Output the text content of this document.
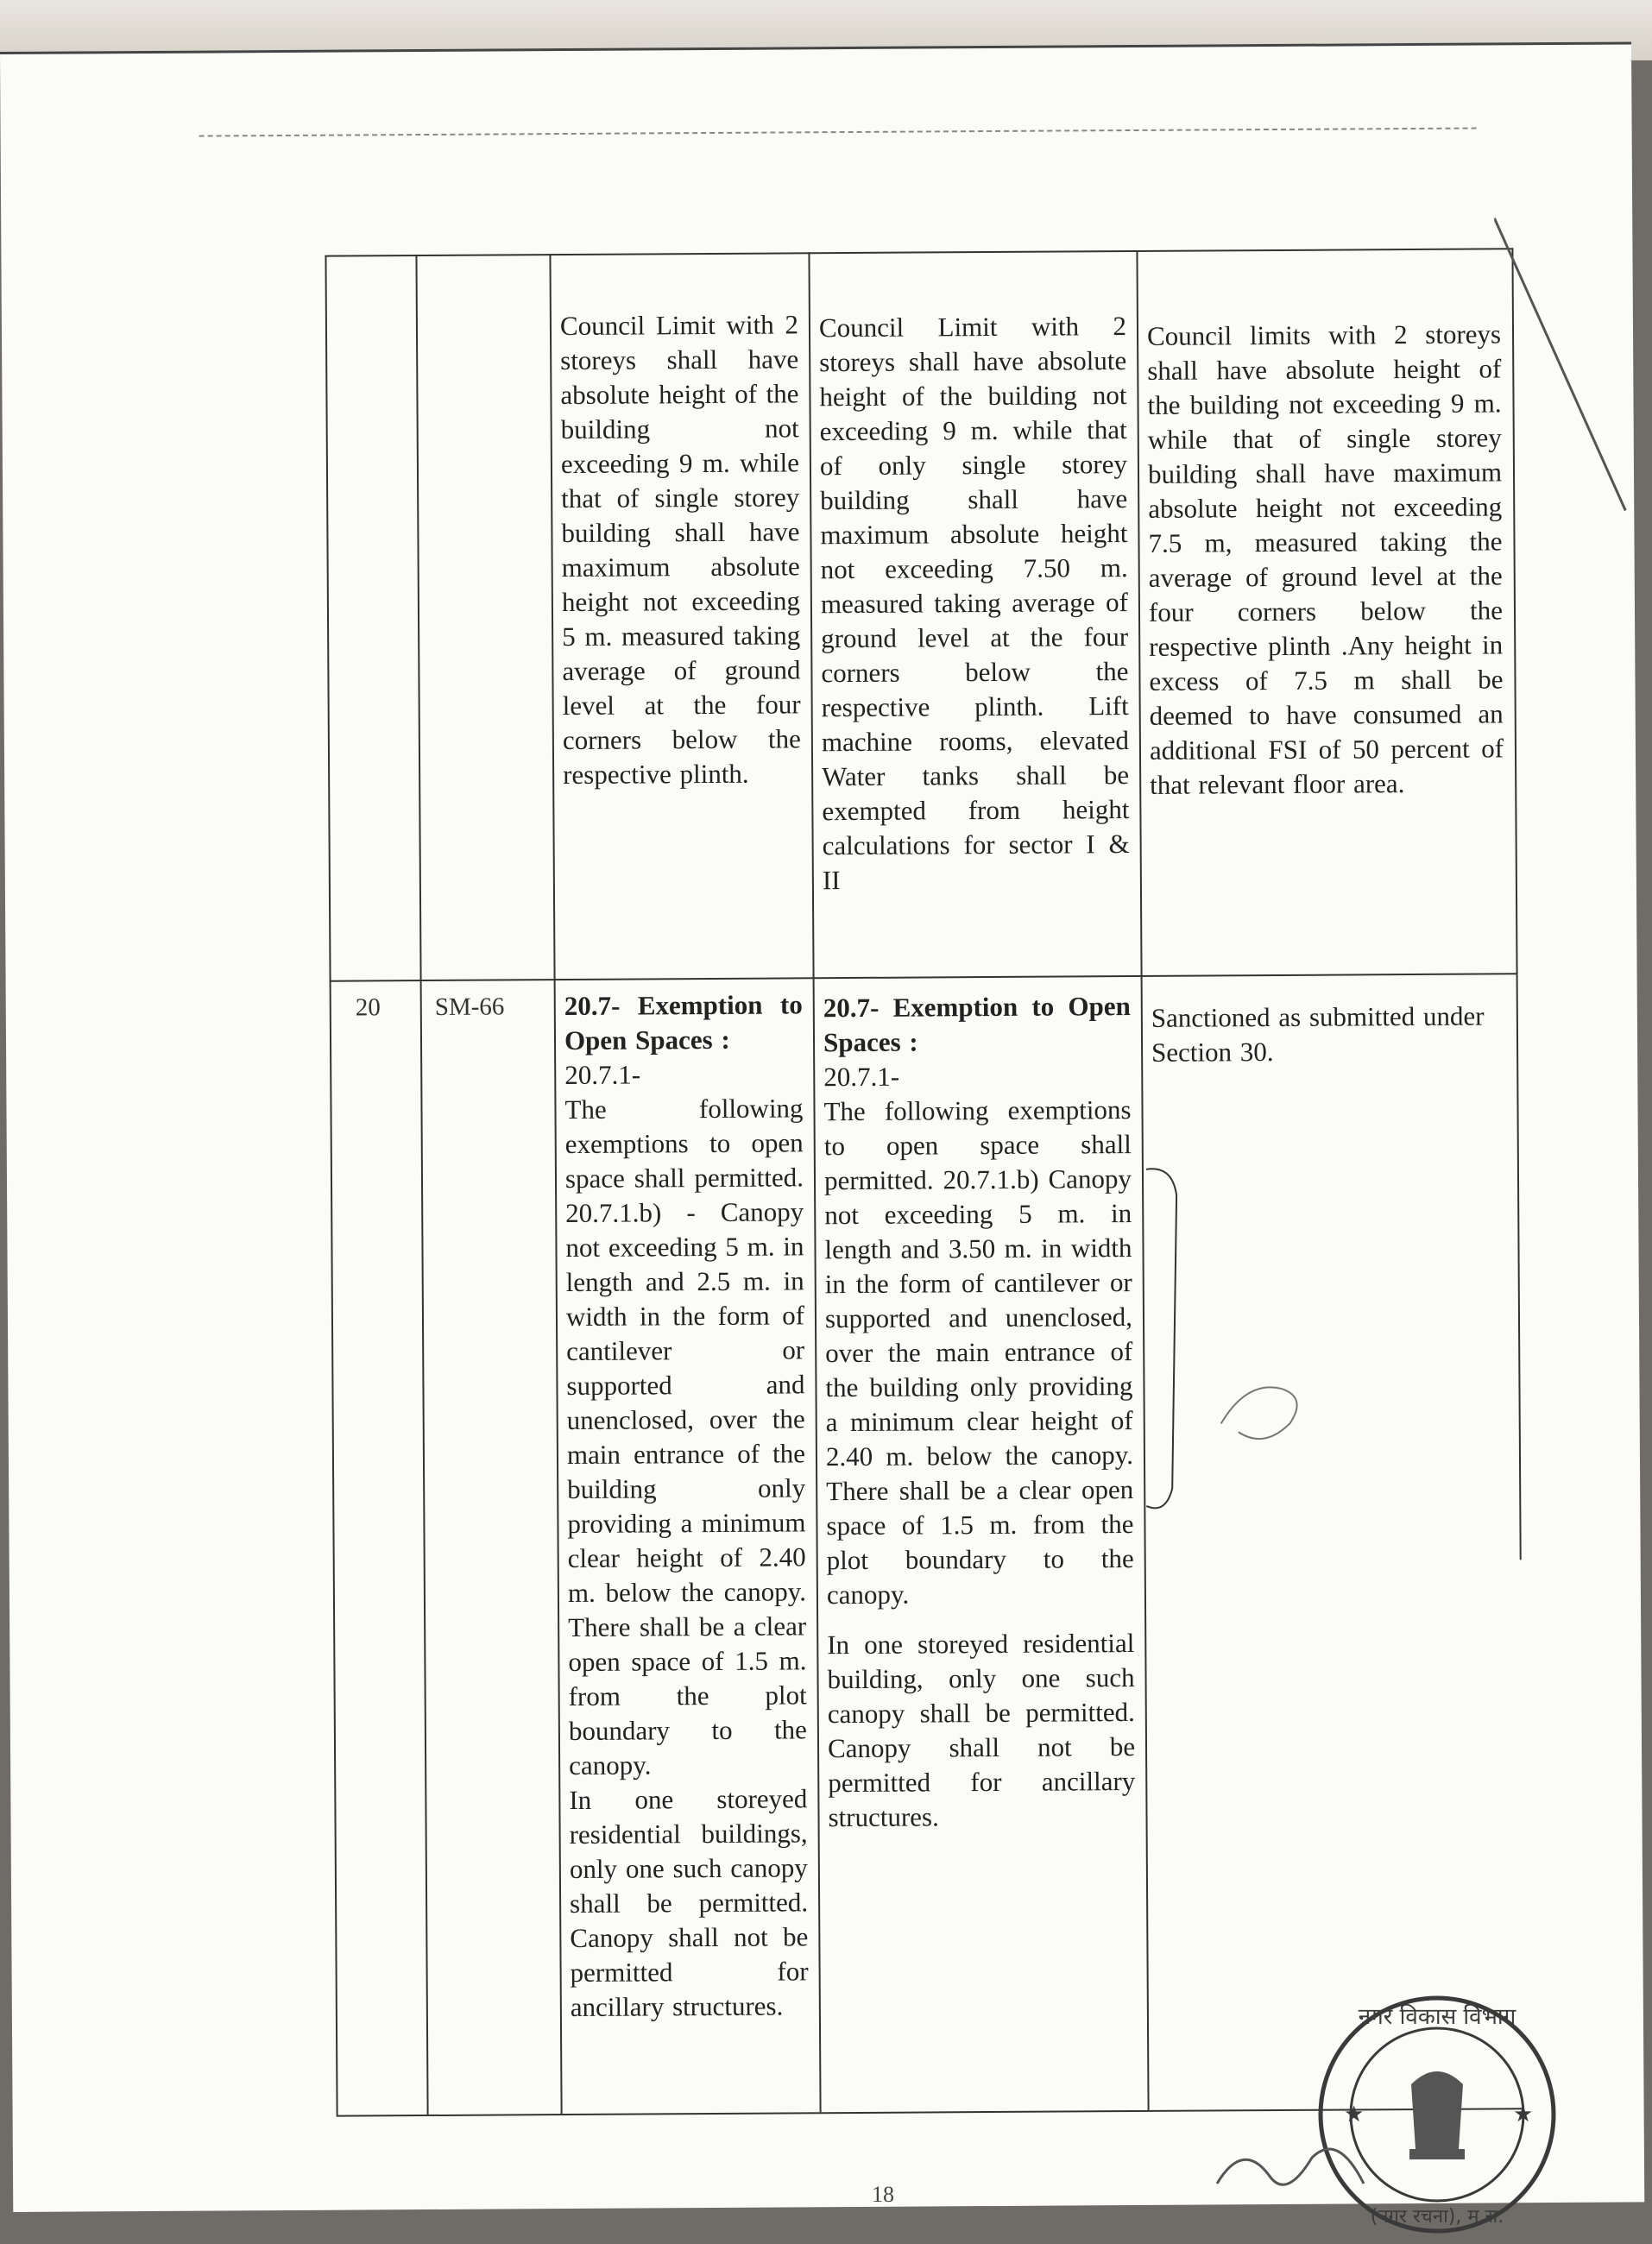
Council Limit with 2 storeys shall have absolute height of the building not exceeding 9 m. while that of single storey building shall have maximum absolute height not exceeding 5 m. measured taking average of ground level at the four corners below the respective plinth.
Council Limit with 2 storeys shall have absolute height of the building not exceeding 9 m. while that of only single storey building shall have maximum absolute height not exceeding 7.50 m. measured taking average of ground level at the four corners below the respective plinth. Lift machine rooms, elevated Water tanks shall be exempted from height calculations for sector I & II
Council limits with 2 storeys shall have absolute height of the building not exceeding 9 m. while that of single storey building shall have maximum absolute height not exceeding 7.5 m, measured taking the average of ground level at the four corners below the respective plinth .Any height in excess of 7.5 m shall be deemed to have consumed an additional FSI of 50 percent of that relevant floor area.
20 SM-66 20.7- Exemption to Open Spaces :
20.7.1-
The following exemptions to open space shall permitted. 20.7.1.b) - Canopy not exceeding 5 m. in length and 2.5 m. in width in the form of cantilever or supported and unenclosed, over the main entrance of the building only providing a minimum clear height of 2.40 m. below the canopy. There shall be a clear open space of 1.5 m. from the plot boundary to the canopy.
In one storeyed residential buildings, only one such canopy shall be permitted. Canopy shall not be permitted for ancillary structures.
20.7- Exemption to Open Spaces :
20.7.1-
The following exemptions to open space shall permitted. 20.7.1.b) Canopy not exceeding 5 m. in length and 3.50 m. in width in the form of cantilever or supported and unenclosed, over the main entrance of the building only providing a minimum clear height of 2.40 m. below the canopy. There shall be a clear open space of 1.5 m. from the plot boundary to the canopy.
In one storeyed residential building, only one such canopy shall be permitted. Canopy shall not be permitted for ancillary structures.
Sanctioned as submitted under Section 30.
नगर विकास विभाग
(नगर रचना), म.रा.
★	★
18
